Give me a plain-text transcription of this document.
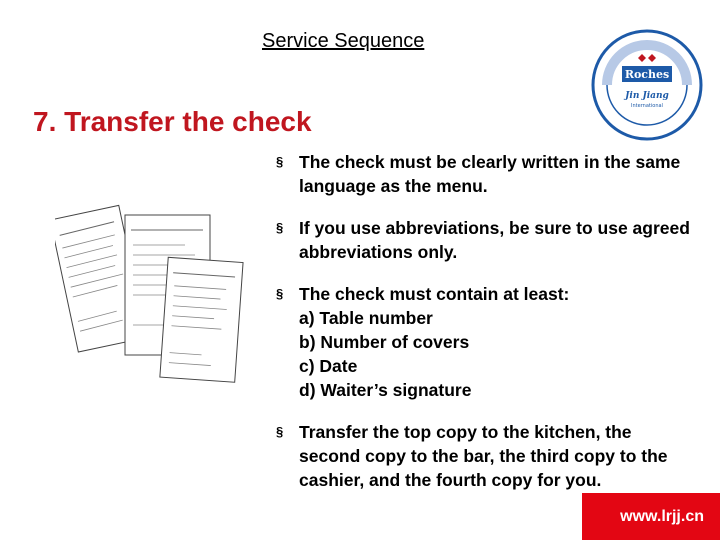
Service Sequence
Roches
Jin Jiang
International
7. Transfer the check
§ The check must be clearly written in the same language as the menu.
§ If you use abbreviations, be sure to use agreed abbreviations only.
§ The check must contain at least:
a) Table number
b) Number of covers
c) Date
d) Waiter’s signature
§ Transfer the top copy to the kitchen, the second copy to the bar, the third copy to the cashier, and the fourth copy for you.
www.lrjj.cn
